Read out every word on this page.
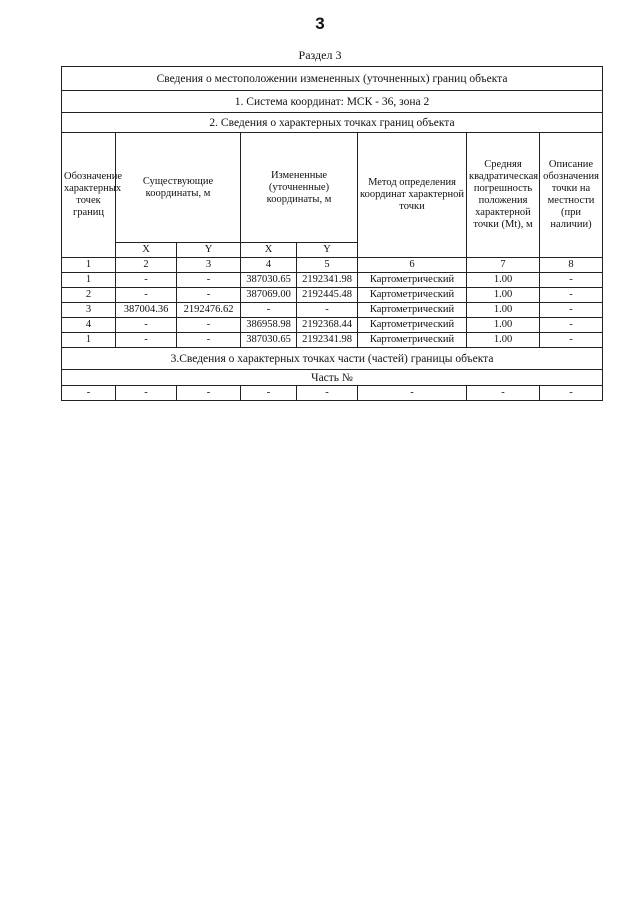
3
Раздел 3
Сведения о местоположении измененных (уточненных) границ объекта							
1. Система координат: МСК - 36, зона 2							
2. Сведения о характерных точках границ объекта							
Обозначение характерных точек границ	Существующие координаты, м		Измененные (уточненные) координаты, м		Метод определения координат характерной точки	Средняя квадратическая погрешность положения характерной точки (Mt), м	Описание обозначения точки на местности (при наличии)
	X	Y	X	Y			
1	2	3	4	5	6	7	8
1	-	-	387030.65	2192341.98	Картометрический	1.00	-
2	-	-	387069.00	2192445.48	Картометрический	1.00	-
3	387004.36	2192476.62	-	-	Картометрический	1.00	-
4	-	-	386958.98	2192368.44	Картометрический	1.00	-
1	-	-	387030.65	2192341.98	Картометрический	1.00	-
3.Сведения о характерных точках части (частей) границы объекта							
Часть №							
-	-	-	-	-	-	-	-
